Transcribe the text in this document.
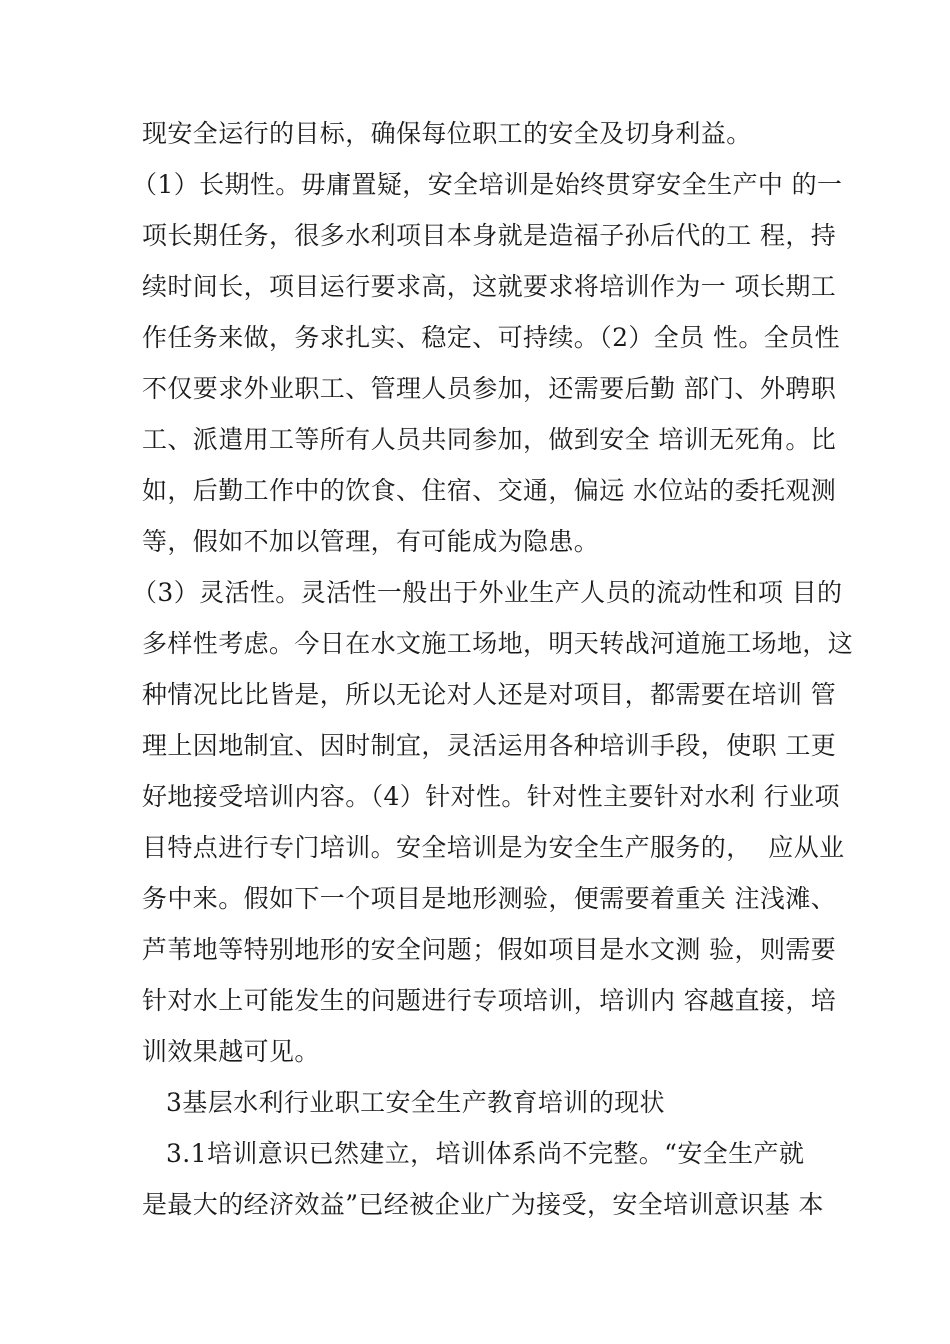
现安全运行的目标，确保每位职工的安全及切身利益。
（1）长期性。毋庸置疑，安全培训是始终贯穿安全生产中 的一
项长期任务，很多水利项目本身就是造福子孙后代的工 程，持
续时间长，项目运行要求高，这就要求将培训作为一 项长期工
作任务来做，务求扎实、稳定、可持续。（2）全员 性。全员性
不仅要求外业职工、管理人员参加，还需要后勤 部门、外聘职
工、派遣用工等所有人员共同参加，做到安全 培训无死角。比
如，后勤工作中的饮食、住宿、交通，偏远 水位站的委托观测
等，假如不加以管理，有可能成为隐患。
（3）灵活性。灵活性一般出于外业生产人员的流动性和项 目的
多样性考虑。今日在水文施工场地，明天转战河道施工场地，这
种情况比比皆是，所以无论对人还是对项目，都需要在培训 管
理上因地制宜、因时制宜，灵活运用各种培训手段，使职 工更
好地接受培训内容。（4）针对性。针对性主要针对水利 行业项
目特点进行专门培训。安全培训是为安全生产服务的，  应从业
务中来。假如下一个项目是地形测验，便需要着重关 注浅滩、
芦苇地等特别地形的安全问题；假如项目是水文测 验，则需要
针对水上可能发生的问题进行专项培训，培训内 容越直接，培
训效果越可见。
3基层水利行业职工安全生产教育培训的现状
3.1培训意识已然建立，培训体系尚不完整。“安全生产就
是最大的经济效益”已经被企业广为接受，安全培训意识基 本
